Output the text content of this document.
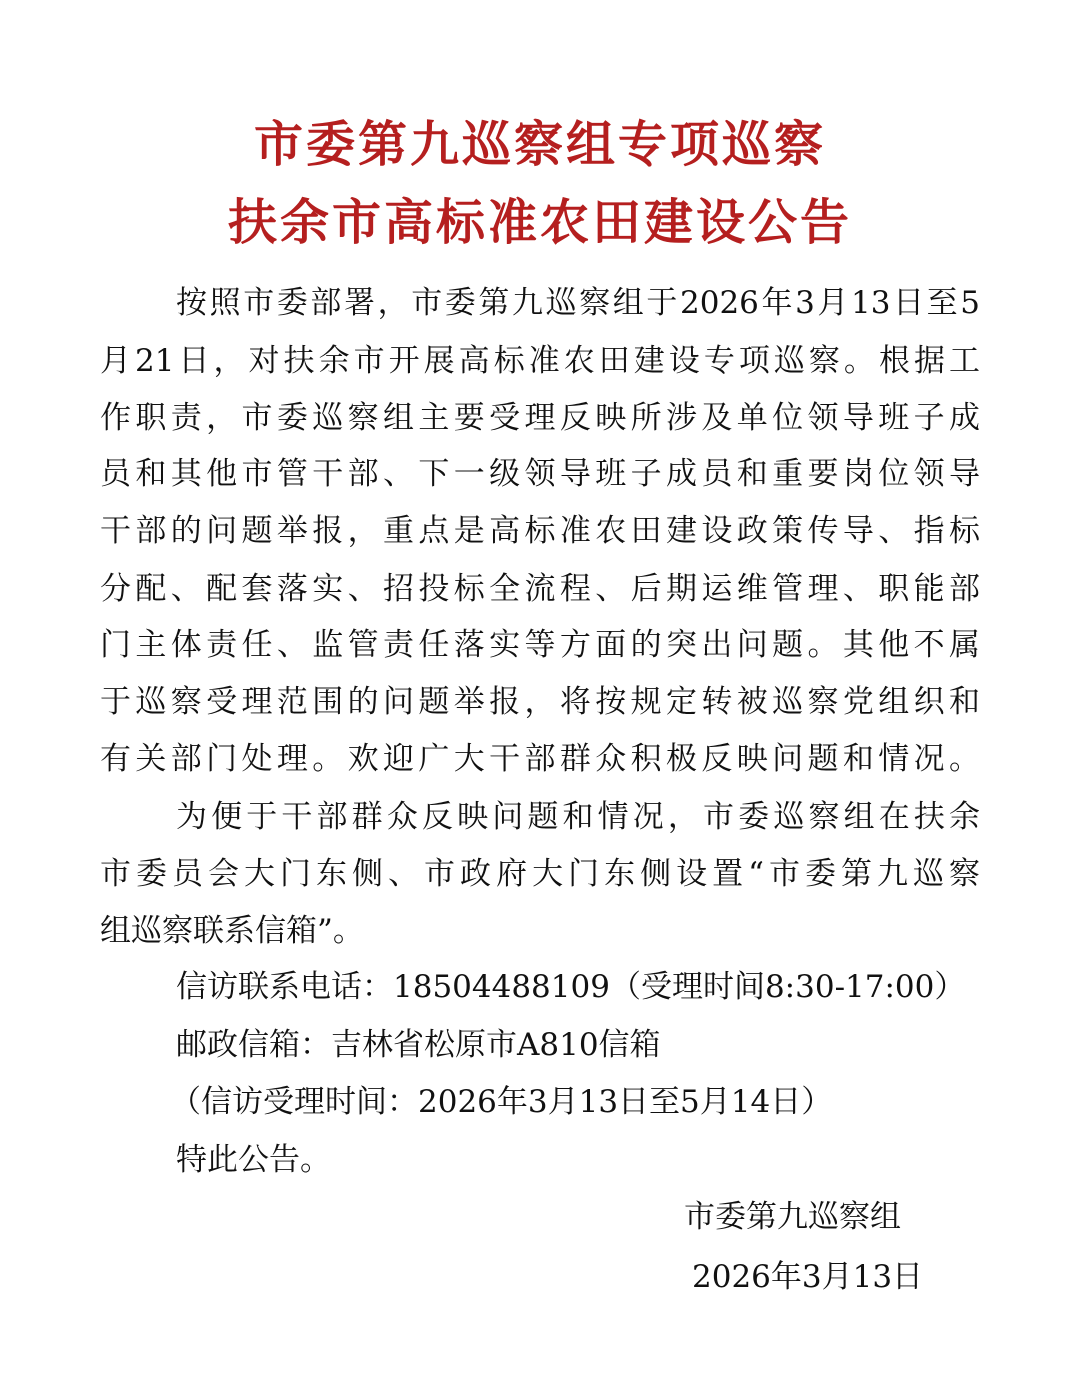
市委第九巡察组专项巡察
扶余市高标准农田建设公告
按照市委部署，市委第九巡察组于2026年3月13日至5
月21日，对扶余市开展高标准农田建设专项巡察。根据工
作职责，市委巡察组主要受理反映所涉及单位领导班子成
员和其他市管干部、下一级领导班子成员和重要岗位领导
干部的问题举报，重点是高标准农田建设政策传导、指标
分配、配套落实、招投标全流程、后期运维管理、职能部
门主体责任、监管责任落实等方面的突出问题。其他不属
于巡察受理范围的问题举报，将按规定转被巡察党组织和
有关部门处理。欢迎广大干部群众积极反映问题和情况。
为便于干部群众反映问题和情况，市委巡察组在扶余
市委员会大门东侧、市政府大门东侧设置“市委第九巡察
组巡察联系信箱”。
信访联系电话：18504488109（受理时间8:30-17:00）
邮政信箱：吉林省松原市A810信箱
（信访受理时间：2026年3月13日至5月14日）
特此公告。
市委第九巡察组
2026年3月13日
